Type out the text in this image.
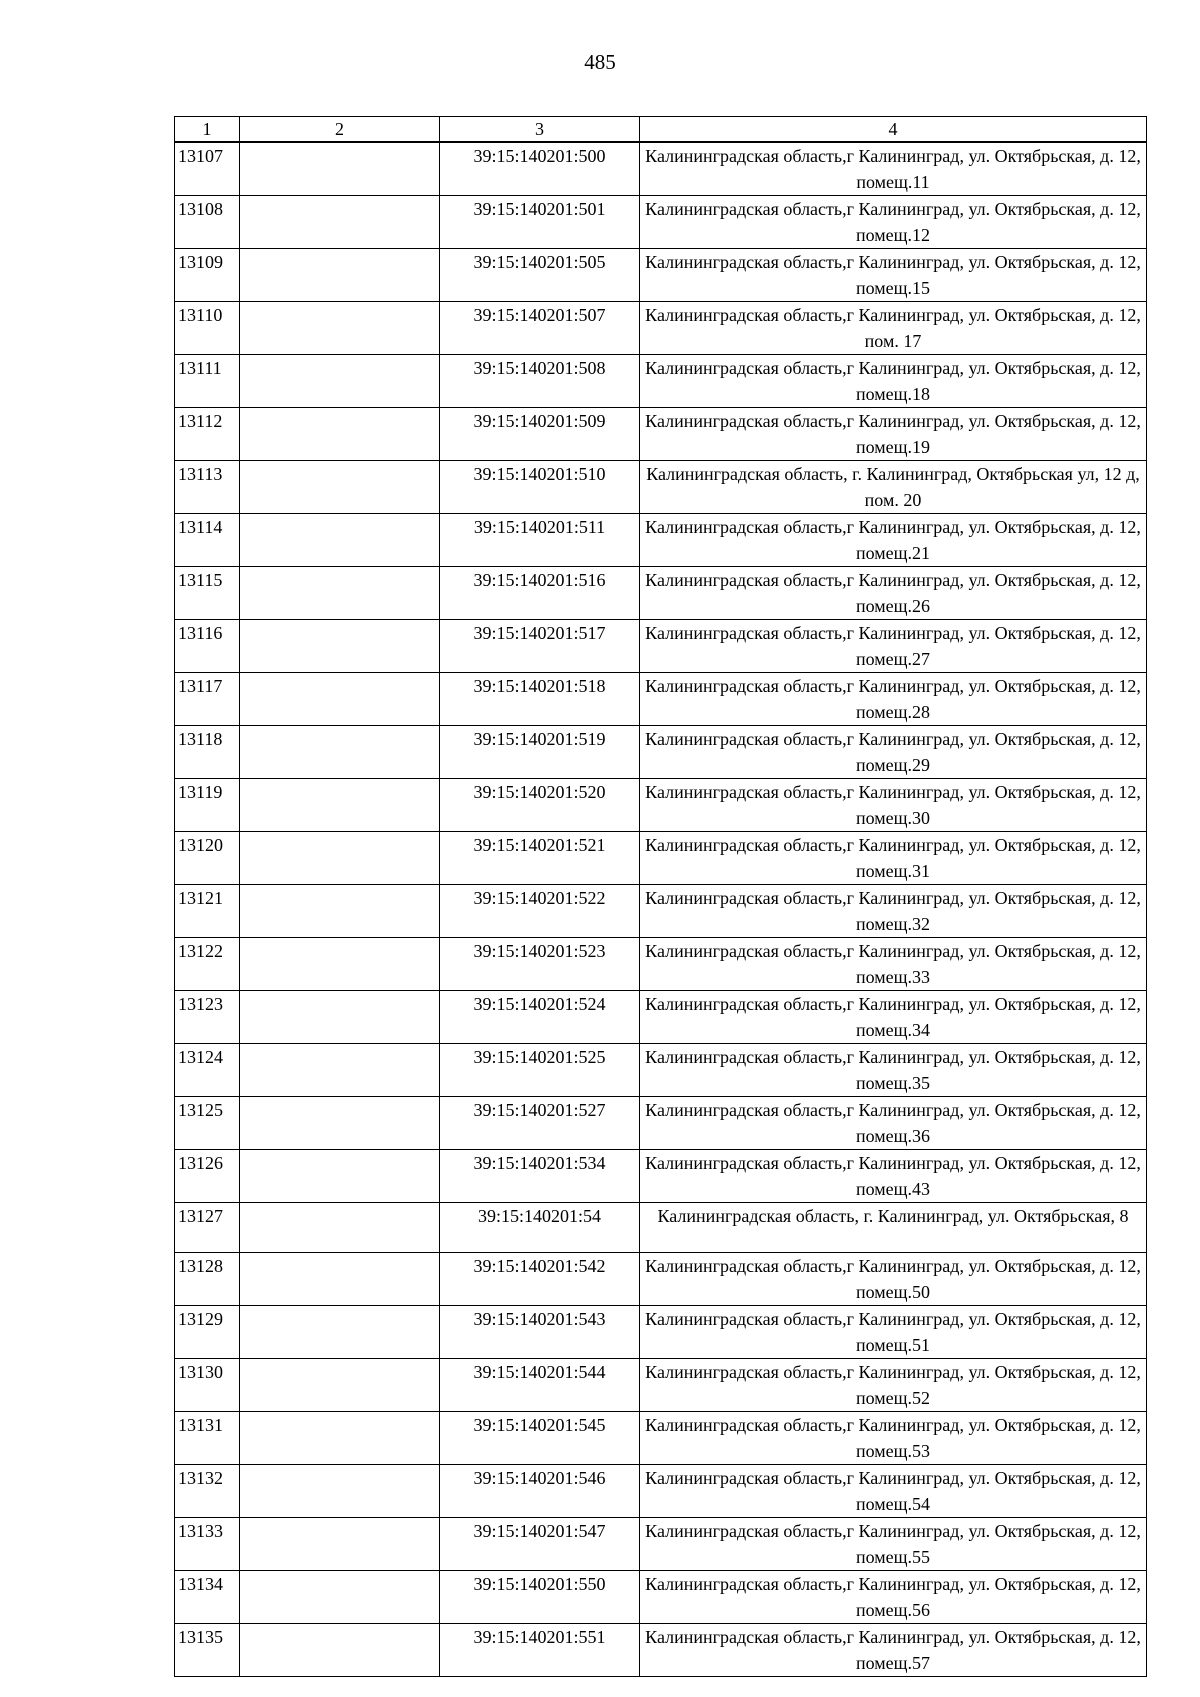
485
1	2	3	4
13107		39:15:140201:500	Калининградская область,г Калининград, ул. Октябрьская, д. 12, помещ.11
13108		39:15:140201:501	Калининградская область,г Калининград, ул. Октябрьская, д. 12, помещ.12
13109		39:15:140201:505	Калининградская область,г Калининград, ул. Октябрьская, д. 12, помещ.15
13110		39:15:140201:507	Калининградская область,г Калининград, ул. Октябрьская, д. 12, пом. 17
13111		39:15:140201:508	Калининградская область,г Калининград, ул. Октябрьская, д. 12, помещ.18
13112		39:15:140201:509	Калининградская область,г Калининград, ул. Октябрьская, д. 12, помещ.19
13113		39:15:140201:510	Калининградская область, г. Калининград, Октябрьская ул, 12 д, пом. 20
13114		39:15:140201:511	Калининградская область,г Калининград, ул. Октябрьская, д. 12, помещ.21
13115		39:15:140201:516	Калининградская область,г Калининград, ул. Октябрьская, д. 12, помещ.26
13116		39:15:140201:517	Калининградская область,г Калининград, ул. Октябрьская, д. 12, помещ.27
13117		39:15:140201:518	Калининградская область,г Калининград, ул. Октябрьская, д. 12, помещ.28
13118		39:15:140201:519	Калининградская область,г Калининград, ул. Октябрьская, д. 12, помещ.29
13119		39:15:140201:520	Калининградская область,г Калининград, ул. Октябрьская, д. 12, помещ.30
13120		39:15:140201:521	Калининградская область,г Калининград, ул. Октябрьская, д. 12, помещ.31
13121		39:15:140201:522	Калининградская область,г Калининград, ул. Октябрьская, д. 12, помещ.32
13122		39:15:140201:523	Калининградская область,г Калининград, ул. Октябрьская, д. 12, помещ.33
13123		39:15:140201:524	Калининградская область,г Калининград, ул. Октябрьская, д. 12, помещ.34
13124		39:15:140201:525	Калининградская область,г Калининград, ул. Октябрьская, д. 12, помещ.35
13125		39:15:140201:527	Калининградская область,г Калининград, ул. Октябрьская, д. 12, помещ.36
13126		39:15:140201:534	Калининградская область,г Калининград, ул. Октябрьская, д. 12, помещ.43
13127		39:15:140201:54	Калининградская область, г. Калининград, ул. Октябрьская, 8
13128		39:15:140201:542	Калининградская область,г Калининград, ул. Октябрьская, д. 12, помещ.50
13129		39:15:140201:543	Калининградская область,г Калининград, ул. Октябрьская, д. 12, помещ.51
13130		39:15:140201:544	Калининградская область,г Калининград, ул. Октябрьская, д. 12, помещ.52
13131		39:15:140201:545	Калининградская область,г Калининград, ул. Октябрьская, д. 12, помещ.53
13132		39:15:140201:546	Калининградская область,г Калининград, ул. Октябрьская, д. 12, помещ.54
13133		39:15:140201:547	Калининградская область,г Калининград, ул. Октябрьская, д. 12, помещ.55
13134		39:15:140201:550	Калининградская область,г Калининград, ул. Октябрьская, д. 12, помещ.56
13135		39:15:140201:551	Калининградская область,г Калининград, ул. Октябрьская, д. 12, помещ.57
